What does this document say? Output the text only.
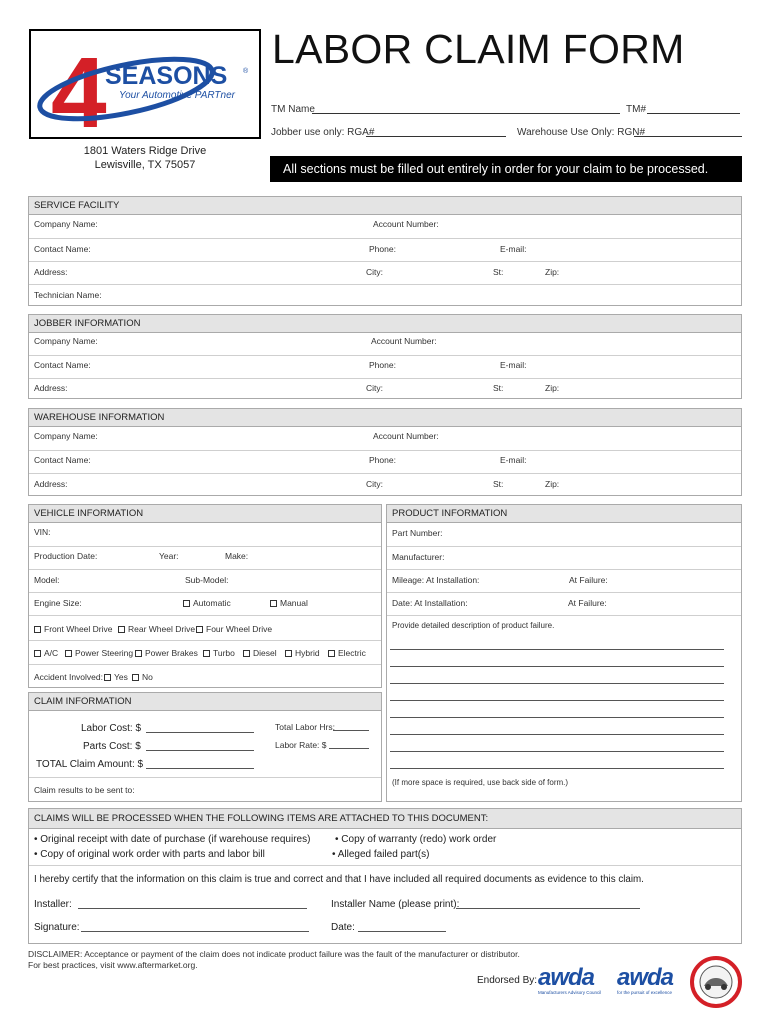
4
SEASONS ®
Your Automotive PARTner
1801 Waters Ridge Drive
Lewisville, TX 75057
LABOR CLAIM FORM
TM Name	TM#
Jobber use only: RGA#	Warehouse Use Only: RGN#
All sections must be filled out entirely in order for your claim to be processed.
SERVICE FACILITY
Company Name:	Account Number:
Contact Name:	Phone:	E-mail:
Address:	City:	St:	Zip:
Technician Name:
JOBBER INFORMATION
Company Name:	Account Number:
Contact Name:	Phone:	E-mail:
Address:	City:	St:	Zip:
WAREHOUSE INFORMATION
Company Name:	Account Number:
Contact Name:	Phone:	E-mail:
Address:	City:	St:	Zip:
VEHICLE INFORMATION
VIN:
Production Date:	Year:	Make:
Model:	Sub-Model:
Engine Size:	Automatic	Manual
Front Wheel Drive	Rear Wheel Drive	Four Wheel Drive
A/C	Power Steering	Power Brakes	Turbo	Diesel	Hybrid	Electric
Accident Involved:	Yes	No
CLAIM INFORMATION
Labor Cost: $	Total Labor Hrs:
Parts Cost: $	Labor Rate: $
TOTAL Claim Amount: $
Claim results to be sent to:
PRODUCT INFORMATION
Part Number:
Manufacturer:
Mileage: At Installation:	At Failure:
Date: At Installation:	At Failure:
Provide detailed description of product failure.
(If more space is required, use back side of form.)
CLAIMS WILL BE PROCESSED WHEN THE FOLLOWING ITEMS ARE ATTACHED TO THIS DOCUMENT:
• Original receipt with date of purchase (if warehouse requires)
• Copy of original work order with parts and labor bill
• Copy of warranty (redo) work order
• Alleged failed part(s)
I hereby certify that the information on this claim is true and correct and that I have included all required documents as evidence to this claim.
Installer:	Installer Name (please print):
Signature:	Date:
DISCLAIMER: Acceptance or payment of the claim does not indicate product failure was the fault of the manufacturer or distributor.
For best practices, visit www.aftermarket.org.
Endorsed By: awda
Manufacturers Advisory Council
awda
for the pursuit of excellence
